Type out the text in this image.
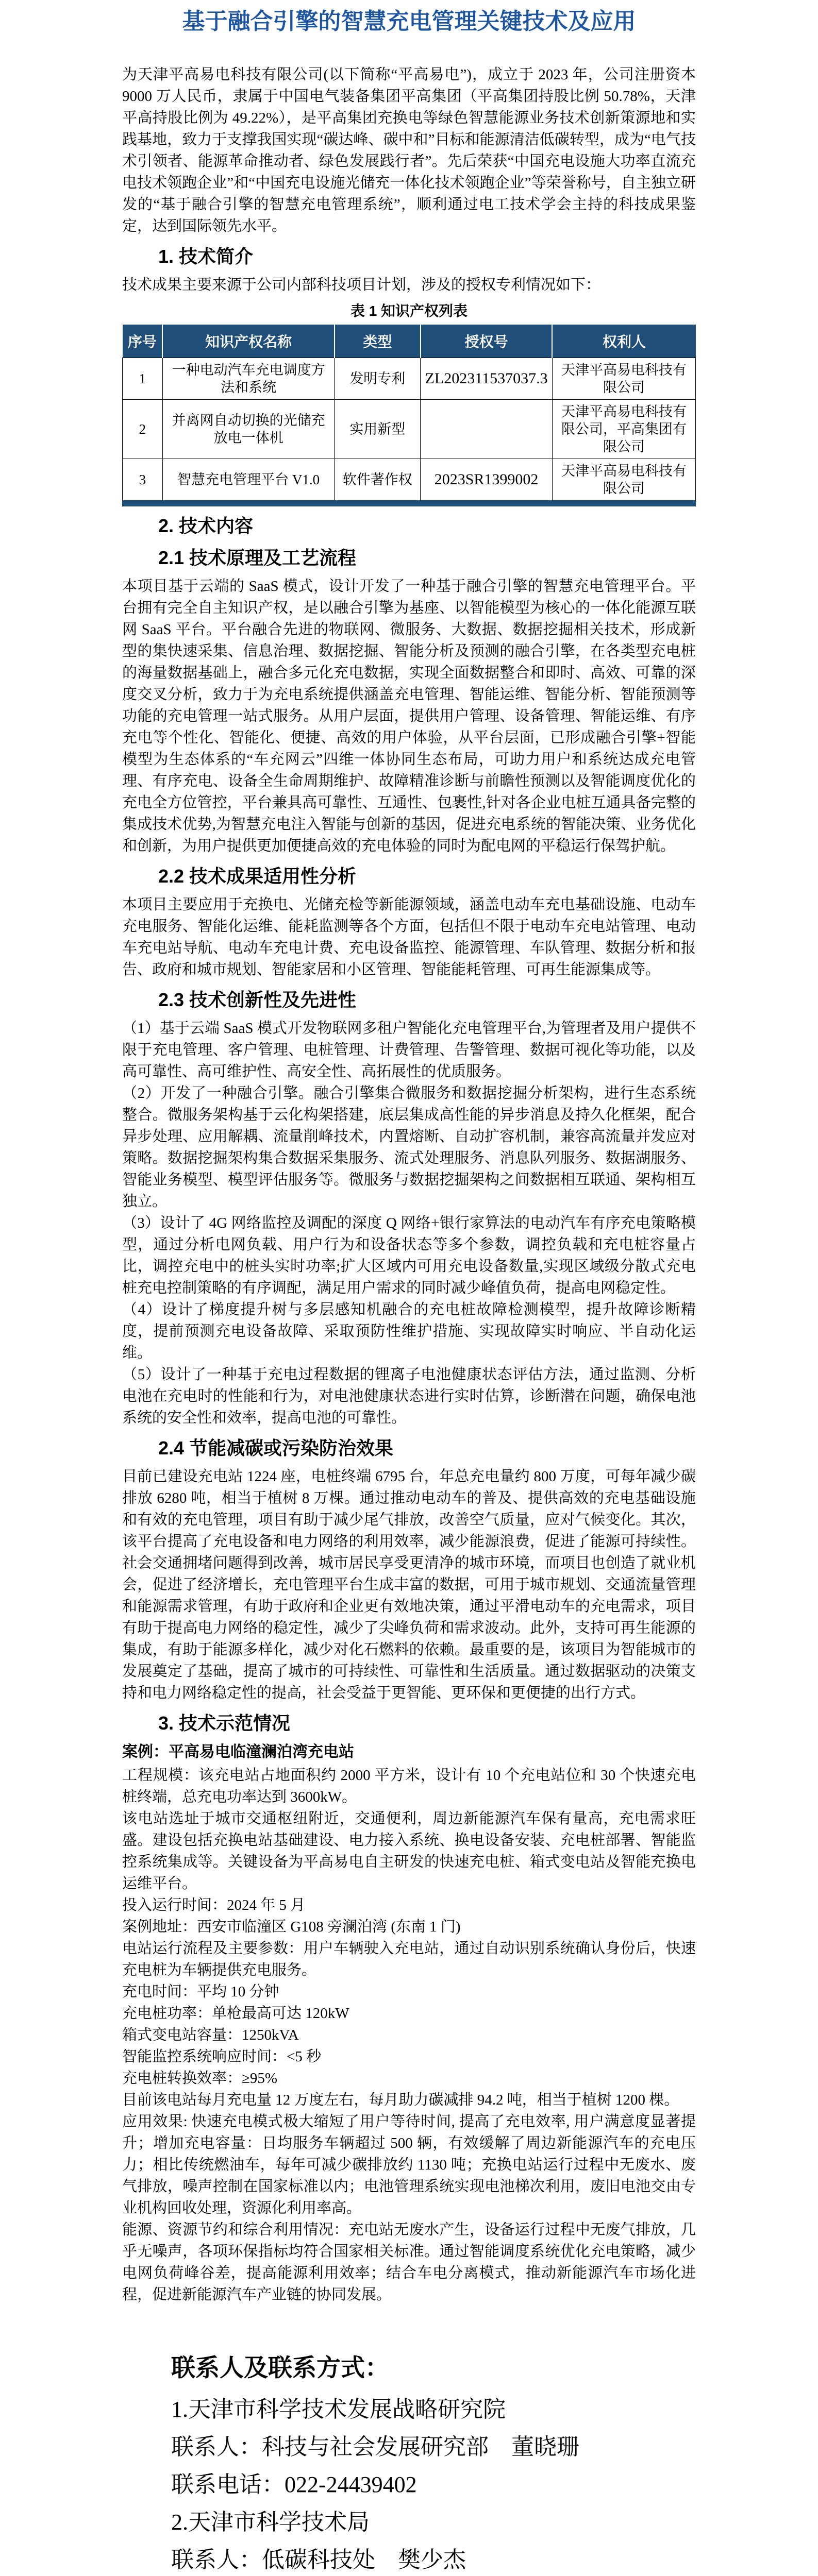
基于融合引擎的智慧充电管理关键技术及应用

为天津平高易电科技有限公司(以下简称“平高易电”)，成立于 2023 年，公司注册资本 9000 万人民币，隶属于中国电气装备集团平高集团（平高集团持股比例 50.78%，天津平高持股比例为 49.22%），是平高集团充换电等绿色智慧能源业务技术创新策源地和实践基地，致力于支撑我国实现“碳达峰、碳中和”目标和能源清洁低碳转型，成为“电气技术引领者、能源革命推动者、绿色发展践行者”。先后荣获“中国充电设施大功率直流充电技术领跑企业”和“中国充电设施光储充一体化技术领跑企业”等荣誉称号，自主独立研发的“基于融合引擎的智慧充电管理系统”，顺利通过电工技术学会主持的科技成果鉴定，达到国际领先水平。

1. 技术简介

技术成果主要来源于公司内部科技项目计划，涉及的授权专利情况如下：

表 1 知识产权列表
序号	知识产权名称	类型	授权号	权利人
1	一种电动汽车充电调度方法和系统	发明专利	ZL202311537037.3	天津平高易电科技有限公司
2	并离网自动切换的光储充放电一体机	实用新型		天津平高易电科技有限公司，平高集团有限公司
3	智慧充电管理平台 V1.0	软件著作权	2023SR1399002	天津平高易电科技有限公司
2. 技术内容
2.1 技术原理及工艺流程

本项目基于云端的 SaaS 模式，设计开发了一种基于融合引擎的智慧充电管理平台。平台拥有完全自主知识产权，是以融合引擎为基座、以智能模型为核心的一体化能源互联网 SaaS 平台。平台融合先进的物联网、微服务、大数据、数据挖掘相关技术，形成新型的集快速采集、信息治理、数据挖掘、智能分析及预测的融合引擎，在各类型充电桩的海量数据基础上，融合多元化充电数据，实现全面数据整合和即时、高效、可靠的深度交叉分析，致力于为充电系统提供涵盖充电管理、智能运维、智能分析、智能预测等功能的充电管理一站式服务。从用户层面，提供用户管理、设备管理、智能运维、有序充电等个性化、智能化、便捷、高效的用户体验，从平台层面，已形成融合引擎+智能模型为生态体系的“车充网云”四维一体协同生态布局，可助力用户和系统达成充电管理、有序充电、设备全生命周期维护、故障精准诊断与前瞻性预测以及智能调度优化的充电全方位管控，平台兼具高可靠性、互通性、包裹性,针对各企业电桩互通具备完整的集成技术优势,为智慧充电注入智能与创新的基因，促进充电系统的智能决策、业务优化和创新，为用户提供更加便捷高效的充电体验的同时为配电网的平稳运行保驾护航。

2.2 技术成果适用性分析

本项目主要应用于充换电、光储充检等新能源领域，涵盖电动车充电基础设施、电动车充电服务、智能化运维、能耗监测等各个方面，包括但不限于电动车充电站管理、电动车充电站导航、电动车充电计费、充电设备监控、能源管理、车队管理、数据分析和报告、政府和城市规划、智能家居和小区管理、智能能耗管理、可再生能源集成等。

2.3 技术创新性及先进性

（1）基于云端 SaaS 模式开发物联网多租户智能化充电管理平台,为管理者及用户提供不限于充电管理、客户管理、电桩管理、计费管理、告警管理、数据可视化等功能，以及高可靠性、高可维护性、高安全性、高拓展性的优质服务。

（2）开发了一种融合引擎。融合引擎集合微服务和数据挖掘分析架构，进行生态系统整合。微服务架构基于云化构架搭建，底层集成高性能的异步消息及持久化框架，配合异步处理、应用解耦、流量削峰技术，内置熔断、自动扩容机制，兼容高流量并发应对策略。数据挖掘架构集合数据采集服务、流式处理服务、消息队列服务、数据湖服务、智能业务模型、模型评估服务等。微服务与数据挖掘架构之间数据相互联通、架构相互独立。

（3）设计了 4G 网络监控及调配的深度 Q 网络+银行家算法的电动汽车有序充电策略模型，通过分析电网负载、用户行为和设备状态等多个参数，调控负载和充电桩容量占比，调控充电中的桩头实时功率;扩大区域内可用充电设备数量,实现区域级分散式充电桩充电控制策略的有序调配，满足用户需求的同时减少峰值负荷，提高电网稳定性。

（4）设计了梯度提升树与多层感知机融合的充电桩故障检测模型，提升故障诊断精度，提前预测充电设备故障、采取预防性维护措施、实现故障实时响应、半自动化运维。

（5）设计了一种基于充电过程数据的锂离子电池健康状态评估方法，通过监测、分析电池在充电时的性能和行为，对电池健康状态进行实时估算，诊断潜在问题，确保电池系统的安全性和效率，提高电池的可靠性。

2.4 节能减碳或污染防治效果

目前已建设充电站 1224 座，电桩终端 6795 台，年总充电量约 800 万度，可每年减少碳排放 6280 吨，相当于植树 8 万棵。通过推动电动车的普及、提供高效的充电基础设施和有效的充电管理，项目有助于减少尾气排放，改善空气质量，应对气候变化。其次，该平台提高了充电设备和电力网络的利用效率，减少能源浪费，促进了能源可持续性。社会交通拥堵问题得到改善，城市居民享受更清净的城市环境，而项目也创造了就业机会，促进了经济增长，充电管理平台生成丰富的数据，可用于城市规划、交通流量管理和能源需求管理，有助于政府和企业更有效地决策，通过平滑电动车的充电需求，项目有助于提高电力网络的稳定性，减少了尖峰负荷和需求波动。此外，支持可再生能源的集成，有助于能源多样化，减少对化石燃料的依赖。最重要的是，该项目为智能城市的发展奠定了基础，提高了城市的可持续性、可靠性和生活质量。通过数据驱动的决策支持和电力网络稳定性的提高，社会受益于更智能、更环保和更便捷的出行方式。

3. 技术示范情况

案例：平高易电临潼澜泊湾充电站

工程规模：该充电站占地面积约 2000 平方米，设计有 10 个充电站位和 30 个快速充电桩终端，总充电功率达到 3600kW。

该电站选址于城市交通枢纽附近，交通便利，周边新能源汽车保有量高，充电需求旺盛。建设包括充换电站基础建设、电力接入系统、换电设备安装、充电桩部署、智能监控系统集成等。关键设备为平高易电自主研发的快速充电桩、箱式变电站及智能充换电运维平台。

投入运行时间：2024 年 5 月

案例地址：西安市临潼区 G108 旁澜泊湾 (东南 1 门)

电站运行流程及主要参数：用户车辆驶入充电站，通过自动识别系统确认身份后，快速充电桩为车辆提供充电服务。

充电时间：平均 10 分钟

充电桩功率：单枪最高可达 120kW

箱式变电站容量：1250kVA

智能监控系统响应时间：<5 秒

充电桩转换效率：≥95%

目前该电站每月充电量 12 万度左右，每月助力碳减排 94.2 吨，相当于植树 1200 棵。

应用效果: 快速充电模式极大缩短了用户等待时间, 提高了充电效率, 用户满意度显著提升；增加充电容量：日均服务车辆超过 500 辆，有效缓解了周边新能源汽车的充电压力；相比传统燃油车，每年可减少碳排放约 1130 吨；充换电站运行过程中无废水、废气排放，噪声控制在国家标准以内；电池管理系统实现电池梯次利用，废旧电池交由专业机构回收处理，资源化利用率高。

能源、资源节约和综合利用情况：充电站无废水产生，设备运行过程中无废气排放，几乎无噪声，各项环保指标均符合国家相关标准。通过智能调度系统优化充电策略，减少电网负荷峰谷差，提高能源利用效率；结合车电分离模式，推动新能源汽车市场化进程，促进新能源汽车产业链的协同发展。

联系人及联系方式：

1.天津市科学技术发展战略研究院

联系人：科技与社会发展研究部　董晓珊

联系电话：022-24439402

2.天津市科学技术局

联系人：低碳科技处　樊少杰
